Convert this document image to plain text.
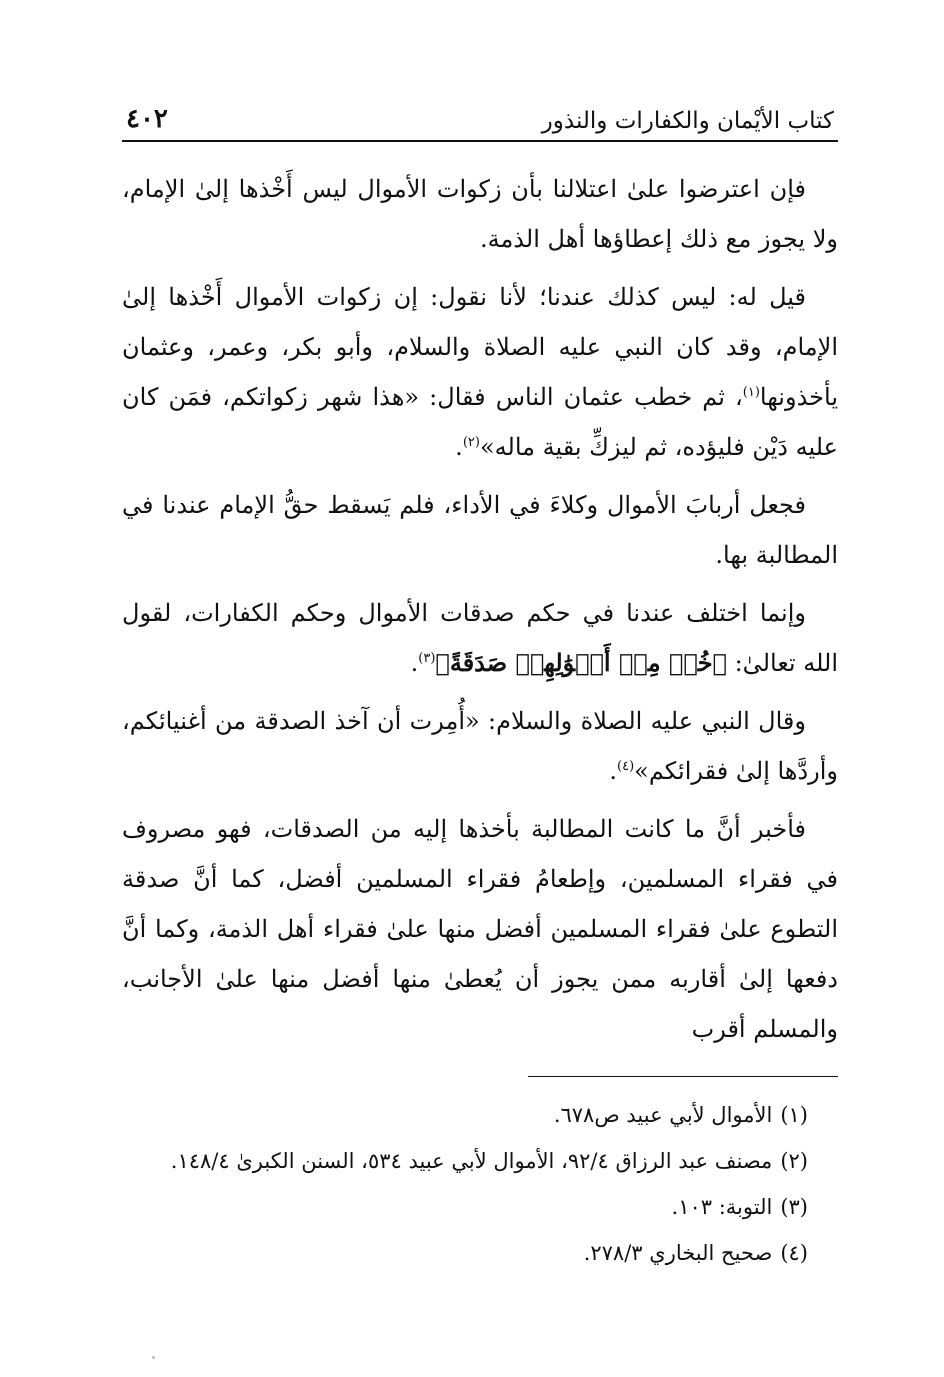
كتاب الأيْمان والكفارات والنذور
٤٠٢

فإن اعترضوا علىٰ اعتلالنا بأن زكوات الأموال ليس أَخْذها إلىٰ الإمام، ولا يجوز مع ذلك إعطاؤها أهل الذمة.

قيل له: ليس كذلك عندنا؛ لأنا نقول: إن زكوات الأموال أَخْذها إلىٰ الإمام، وقد كان النبي عليه الصلاة والسلام، وأبو بكر، وعمر، وعثمان يأخذونها$^{(١)}$، ثم خطب عثمان الناس فقال: «هذا شهر زكواتكم، فمَن كان عليه دَيْن فليؤده، ثم ليزكِّ بقية ماله»$^{(٢)}$.

فجعل أربابَ الأموال وكلاءَ في الأداء، فلم يَسقط حقُّ الإمام عندنا في المطالبة بها.

وإنما اختلف عندنا في حكم صدقات الأموال وحكم الكفارات، لقول الله تعالىٰ: ﴿خُذۡ مِنۡ أَمۡوَٰلِهِمۡ صَدَقَةً﴾$^{(٣)}$.

وقال النبي عليه الصلاة والسلام: «أُمِرت أن آخذ الصدقة من أغنيائكم، وأردَّها إلىٰ فقرائكم»$^{(٤)}$.

فأخبر أنَّ ما كانت المطالبة بأخذها إليه من الصدقات، فهو مصروف في فقراء المسلمين، وإطعامُ فقراء المسلمين أفضل، كما أنَّ صدقة التطوع علىٰ فقراء المسلمين أفضل منها علىٰ فقراء أهل الذمة، وكما أنَّ دفعها إلىٰ أقاربه ممن يجوز أن يُعطىٰ منها أفضل منها علىٰ الأجانب، والمسلم أقرب

(١)الأموال لأبي عبيد ص٦٧٨.

(٢)مصنف عبد الرزاق ٩٢/٤، الأموال لأبي عبيد ٥٣٤، السنن الكبرىٰ ١٤٨/٤.

(٣)التوبة: ١٠٣.

(٤)صحيح البخاري ٢٧٨/٣.
